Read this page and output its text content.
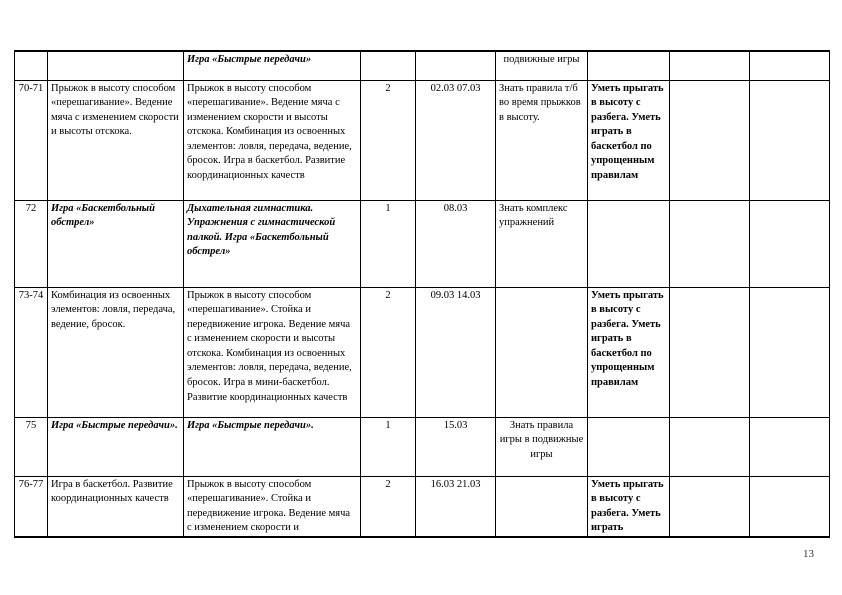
		Игра «Быстрые передачи»			подвижные игры			
70-71	Прыжок в высоту способом «перешагивание». Ведение мяча с изменением скорости и высоты отскока.	Прыжок в высоту способом «перешагивание». Ведение мяча с изменением скорости и высоты отскока. Комбинация из освоенных элементов: ловля, передача, ведение, бросок. Игра в баскетбол. Развитие координационных качеств	2	02.03 07.03	Знать правила т/б во время прыжков в высоту.	Уметь прыгать в высоту с разбега. Уметь играть в баскетбол по упрощенным правилам		
72	Игра «Баскетбольный обстрел»	Дыхательная гимнастика. Упражнения с гимнастической палкой. Игра «Баскетбольный обстрел»	1	08.03	Знать комплекс упражнений			
73-74	Комбинация из освоенных элементов: ловля, передача, ведение, бросок.	Прыжок в высоту способом «перешагивание». Стойка и передвижение игрока. Ведение мяча с изменением скорости и высоты отскока. Комбинация из освоенных элементов: ловля, передача, ведение, бросок. Игра в мини-баскетбол. Развитие координационных качеств	2	09.03 14.03		Уметь прыгать в высоту с разбега. Уметь играть в баскетбол по упрощенным правилам		
75	Игра «Быстрые передачи».	Игра «Быстрые передачи».	1	15.03	Знать правила игры в подвижные игры			
76-77	Игра в баскетбол. Развитие координационных качеств	Прыжок в высоту способом «перешагивание». Стойка и передвижение игрока. Ведение мяча с изменением скорости и	2	16.03 21.03		Уметь прыгать в высоту с разбега. Уметь играть		
13
